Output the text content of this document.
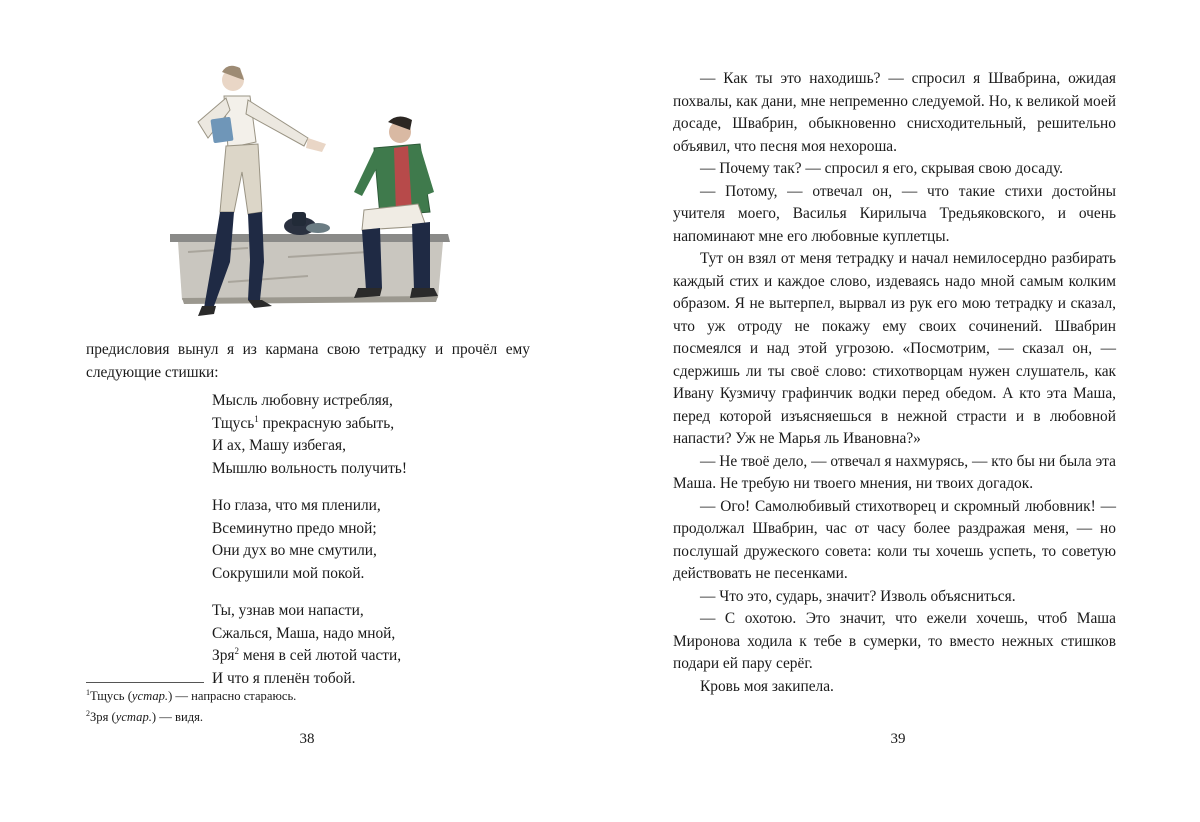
предисловия вынул я из кармана свою тетрадку и прочёл ему

следующие стишки:

Мысль любовну истребляя,
Тщусь$^1$ прекрасную забыть,
И ах, Машу избегая,
Мышлю вольность получить!
Но глаза, что мя пленили,
Всеминутно предо мной;
Они дух во мне смутили,
Сокрушили мой покой.
Ты, узнав мои напасти,
Сжалься, Маша, надо мной,
Зря$^2$ меня в сей лютой части,
И что я пленён тобой.
$^1$Тщусь (устар.) — напрасно стараюсь.
$^2$Зря (устар.) — видя.
38

— Как ты это находишь? — спросил я Швабрина, ожидая похвалы, как дани, мне непременно следуемой. Но, к великой моей досаде, Швабрин, обыкновенно снисходительный, решительно объявил, что песня моя нехороша.

— Почему так? — спросил я его, скрывая свою досаду.

— Потому, — отвечал он, — что такие стихи достойны учителя моего, Василья Кирилыча Тредьяковского, и очень напоминают мне его любовные куплетцы.

Тут он взял от меня тетрадку и начал немилосердно разбирать каждый стих и каждое слово, издеваясь надо мной самым колким образом. Я не вытерпел, вырвал из рук его мою тетрадку и сказал, что уж отроду не покажу ему своих сочинений. Швабрин посмеялся и над этой угрозою. «Посмотрим, — сказал он, — сдержишь ли ты своё слово: стихотворцам нужен слушатель, как Ивану Кузмичу графинчик водки перед обедом. А кто эта Маша, перед которой изъясняешься в нежной страсти и в любовной напасти? Уж не Марья ль Ивановна?»

— Не твоё дело, — отвечал я нахмурясь, — кто бы ни была эта Маша. Не требую ни твоего мнения, ни твоих догадок.

— Ого! Самолюбивый стихотворец и скромный любовник! — продолжал Швабрин, час от часу более раздражая меня, — но послушай дружеского совета: коли ты хочешь успеть, то советую действовать не песенками.

— Что это, сударь, значит? Изволь объясниться.

— С охотою. Это значит, что ежели хочешь, чтоб Маша Миронова ходила к тебе в сумерки, то вместо нежных стишков подари ей пару серёг.

Кровь моя закипела.

39
